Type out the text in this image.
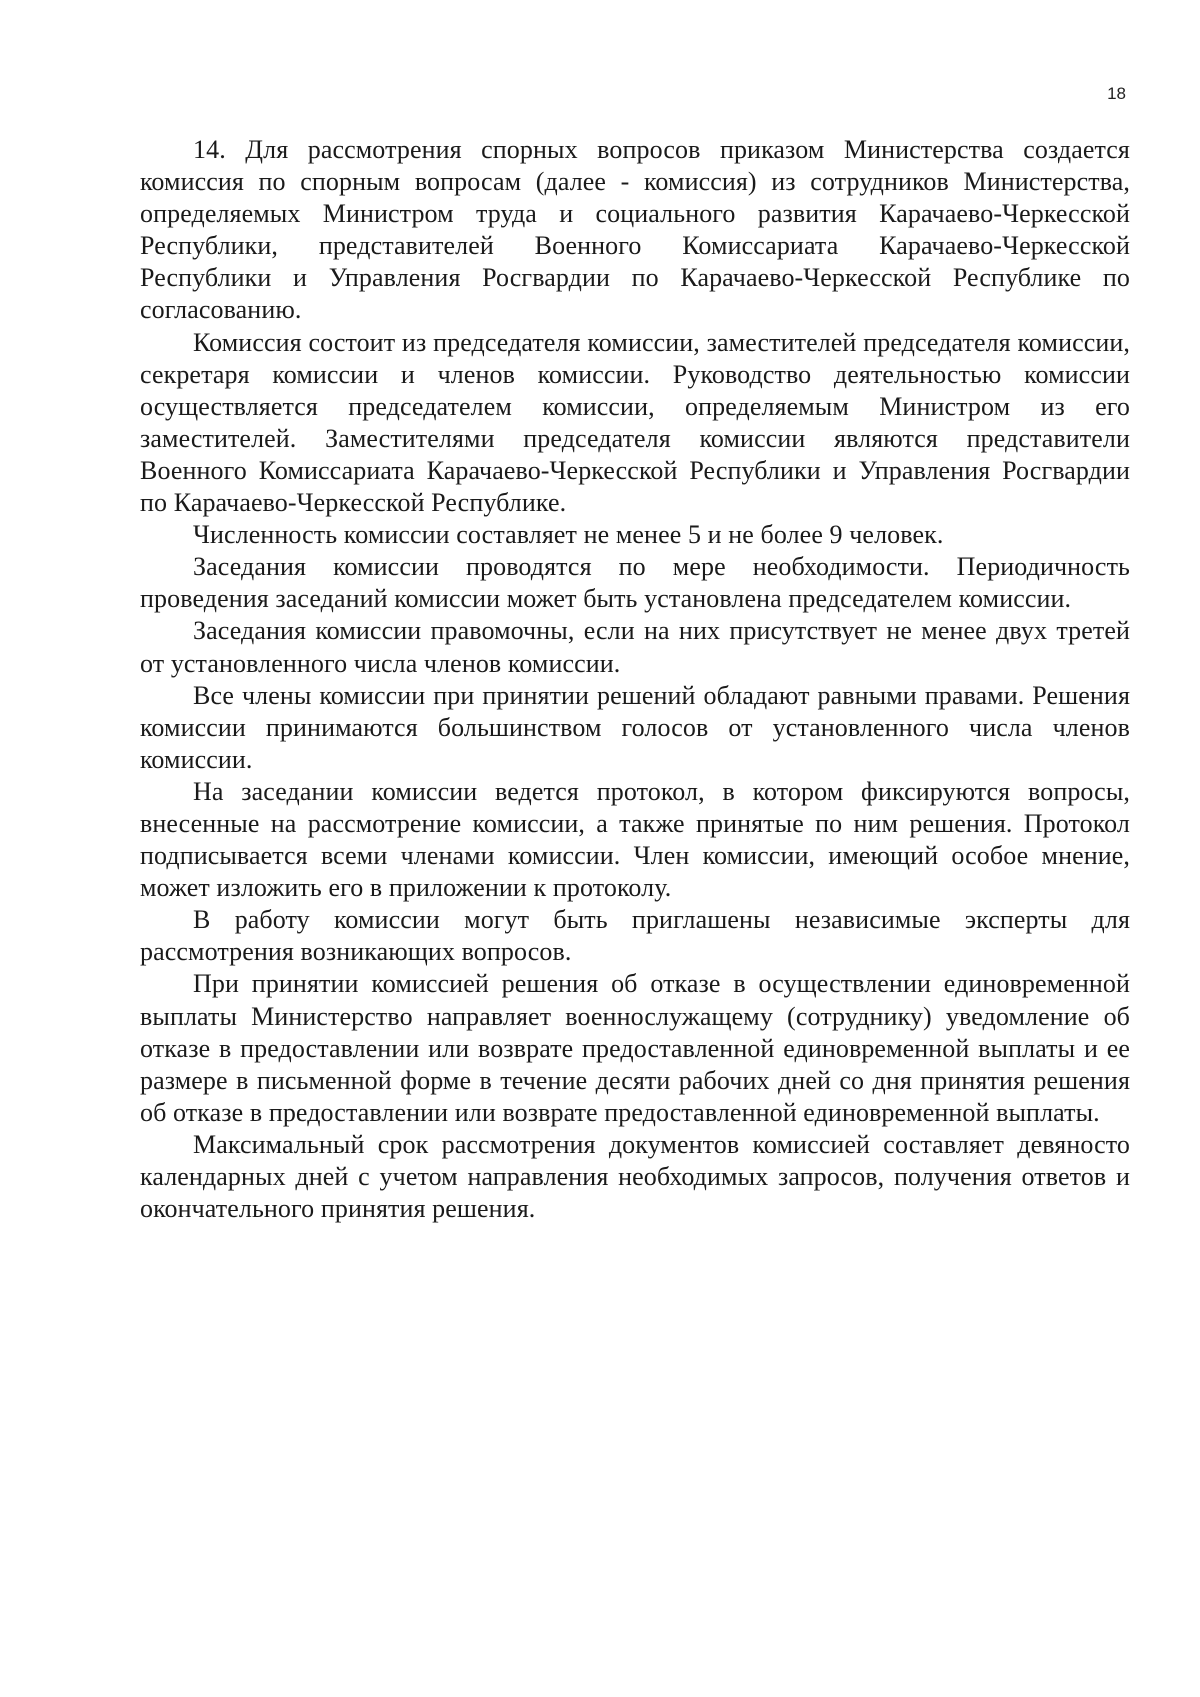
18

14. Для рассмотрения спорных вопросов приказом Министерства создается комиссия по спорным вопросам (далее - комиссия) из сотрудников Министерства, определяемых Министром труда и социального развития Карачаево-Черкесской Республики, представителей Военного Комиссариата Карачаево-Черкесской Республики и Управления Росгвардии по Карачаево-Черкесской Республике по согласованию.

Комиссия состоит из председателя комиссии, заместителей председателя комиссии, секретаря комиссии и членов комиссии. Руководство деятельностью комиссии осуществляется председателем комиссии, определяемым Министром из его заместителей. Заместителями председателя комиссии являются представители Военного Комиссариата Карачаево-Черкесской Республики и Управления Росгвардии по Карачаево-Черкесской Республике.

Численность комиссии составляет не менее 5 и не более 9 человек.

Заседания комиссии проводятся по мере необходимости. Периодичность проведения заседаний комиссии может быть установлена председателем комиссии.

Заседания комиссии правомочны, если на них присутствует не менее двух третей от установленного числа членов комиссии.

Все члены комиссии при принятии решений обладают равными правами. Решения комиссии принимаются большинством голосов от установленного числа членов комиссии.

На заседании комиссии ведется протокол, в котором фиксируются вопросы, внесенные на рассмотрение комиссии, а также принятые по ним решения. Протокол подписывается всеми членами комиссии. Член комиссии, имеющий особое мнение, может изложить его в приложении к протоколу.

В работу комиссии могут быть приглашены независимые эксперты для рассмотрения возникающих вопросов.

При принятии комиссией решения об отказе в осуществлении единовременной выплаты Министерство направляет военнослужащему (сотруднику) уведомление об отказе в предоставлении или возврате предоставленной единовременной выплаты и ее размере в письменной форме в течение десяти рабочих дней со дня принятия решения об отказе в предоставлении или возврате предоставленной единовременной выплаты.

Максимальный срок рассмотрения документов комиссией составляет девяносто календарных дней с учетом направления необходимых запросов, получения ответов и окончательного принятия решения.
